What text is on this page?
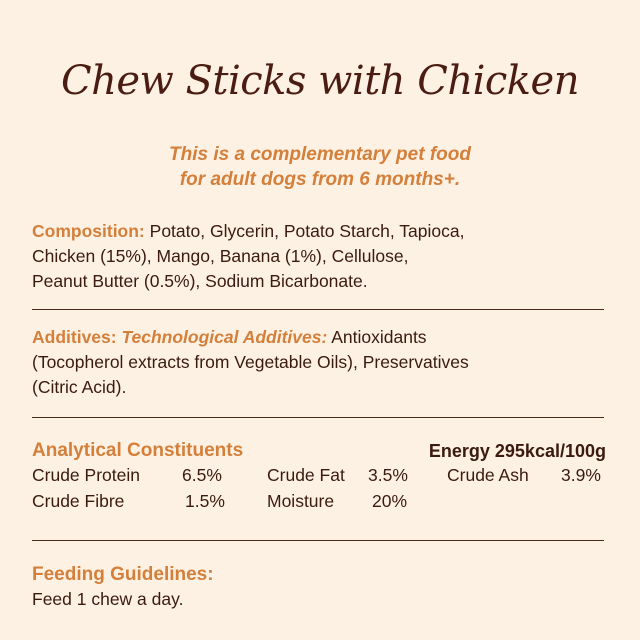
Chew Sticks with Chicken
This is a complementary pet food
for adult dogs from 6 months+.
Composition: Potato, Glycerin, Potato Starch, Tapioca,
Chicken (15%), Mango, Banana (1%), Cellulose,
Peanut Butter (0.5%), Sodium Bicarbonate.
Additives: Technological Additives: Antioxidants
(Tocopherol extracts from Vegetable Oils), Preservatives
(Citric Acid).
Analytical Constituents	Energy 295kcal/100g
Crude Protein 6.5%	Crude Fat 3.5% Crude Ash 3.9%
Crude Fibre	1.5% Moisture 20%
Feeding Guidelines:
Feed 1 chew a day.
